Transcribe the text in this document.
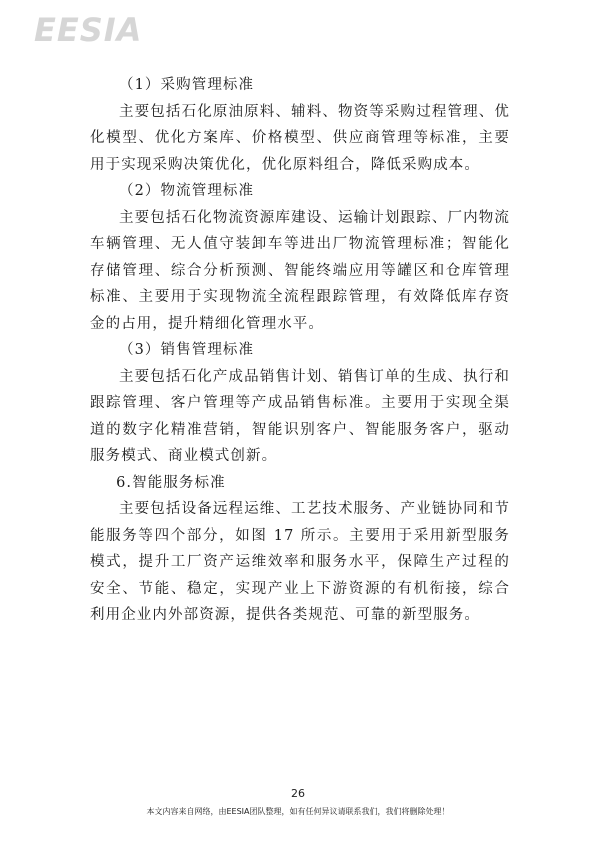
EESIA

（1）采购管理标准

主要包括石化原油原料、辅料、物资等采购过程管理、优化模型、优化方案库、价格模型、供应商管理等标准，主要用于实现采购决策优化，优化原料组合，降低采购成本。

（2）物流管理标准

主要包括石化物流资源库建设、运输计划跟踪、厂内物流车辆管理、无人值守装卸车等进出厂物流管理标准；智能化存储管理、综合分析预测、智能终端应用等罐区和仓库管理标准、主要用于实现物流全流程跟踪管理，有效降低库存资金的占用，提升精细化管理水平。

（3）销售管理标准

主要包括石化产成品销售计划、销售订单的生成、执行和跟踪管理、客户管理等产成品销售标准。主要用于实现全渠道的数字化精准营销，智能识别客户、智能服务客户，驱动服务模式、商业模式创新。

6.智能服务标准

主要包括设备远程运维、工艺技术服务、产业链协同和节能服务等四个部分，如图 17 所示。主要用于采用新型服务模式，提升工厂资产运维效率和服务水平，保障生产过程的安全、节能、稳定，实现产业上下游资源的有机衔接，综合利用企业内外部资源，提供各类规范、可靠的新型服务。

26
本文内容来自网络，由EESIA团队整理，如有任何异议请联系我们，我们将删除处理！
